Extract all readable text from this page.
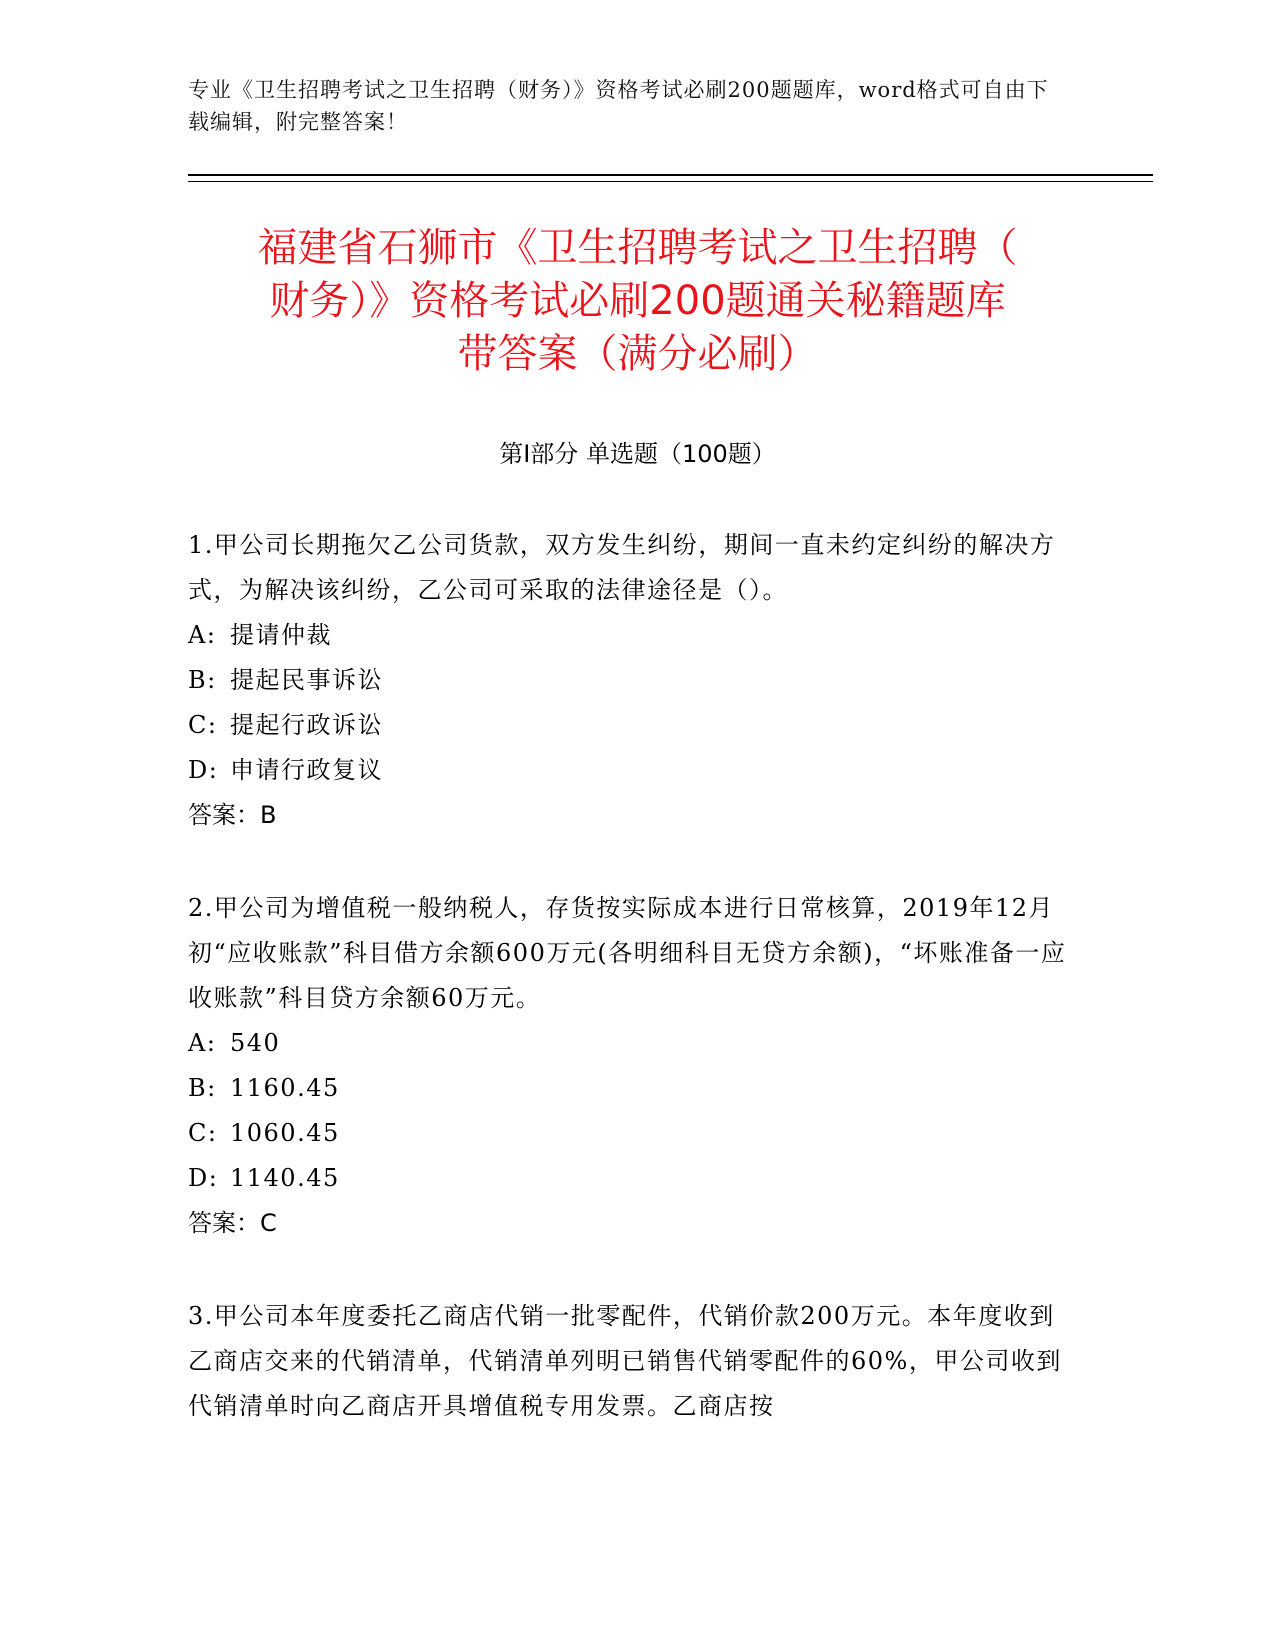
专业《卫生招聘考试之卫生招聘（财务）》资格考试必刷200题题库，word格式可自由下载编辑，附完整答案！
福建省石狮市《卫生招聘考试之卫生招聘（
财务）》资格考试必刷200题通关秘籍题库
带答案（满分必刷）
第I部分 单选题（100题）
1.甲公司长期拖欠乙公司货款，双方发生纠纷，期间一直未约定纠纷的解决方式，为解决该纠纷，乙公司可采取的法律途径是（）。
A: 提请仲裁
B: 提起民事诉讼
C: 提起行政诉讼
D: 申请行政复议
答案：B
2.甲公司为增值税一般纳税人，存货按实际成本进行日常核算，2019年12月初“应收账款”科目借方余额600万元(各明细科目无贷方余额)，“坏账准备一应收账款”科目贷方余额60万元。
A: 540
B: 1160.45
C: 1060.45
D: 1140.45
答案：C
3.甲公司本年度委托乙商店代销一批零配件，代销价款200万元。本年度收到乙商店交来的代销清单，代销清单列明已销售代销零配件的60%，甲公司收到代销清单时向乙商店开具增值税专用发票。乙商店按
